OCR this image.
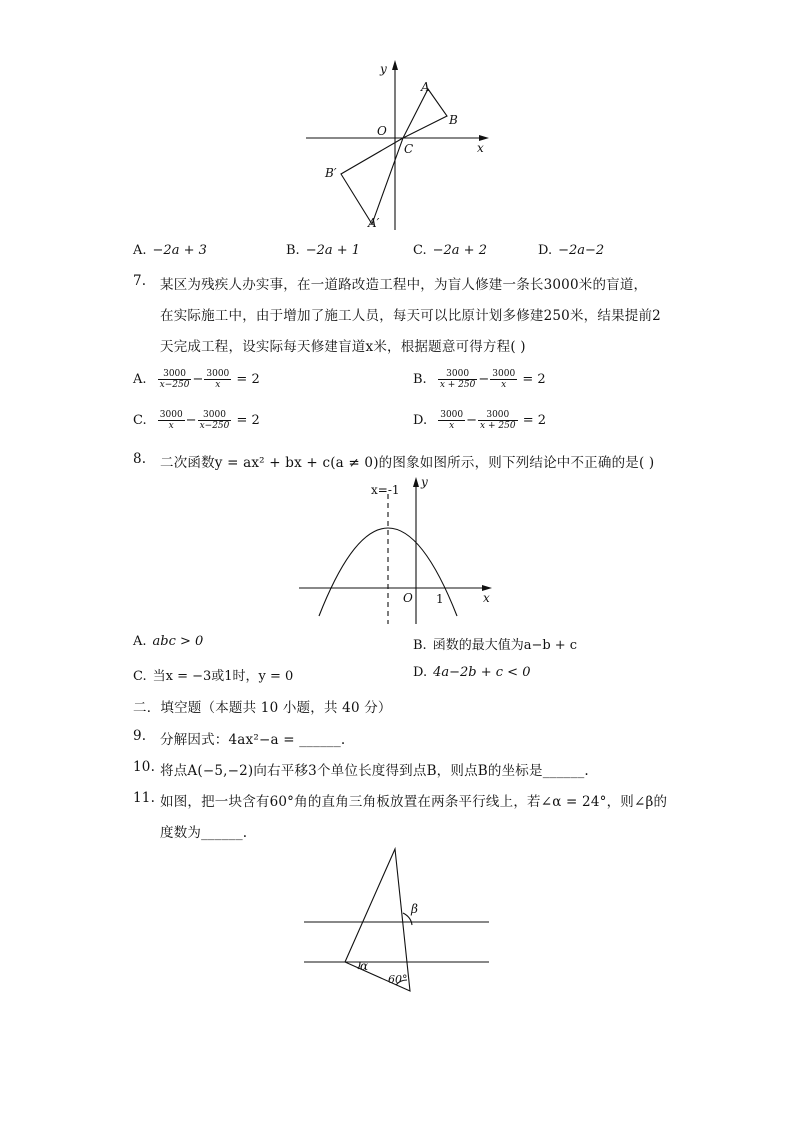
y
x
A
B
O
C
B′
A′
A. −2a + 3	B. −2a + 1	C. −2a + 2	D. −2a−2
7. 某区为残疾人办实事，在一道路改造工程中，为盲人修建一条长3000米的盲道，
在实际施工中，由于增加了施工人员，每天可以比原计划多修建250米，结果提前2
天完成工程，设实际每天修建盲道x米，根据题意可得方程( )
A. $\frac{3000}{x-250} - \frac{3000}{x} = 2$	B. $\frac{3000}{x + 250} - \frac{3000}{x} = 2$
C. $\frac{3000}{x} - \frac{3000}{x-250} = 2$	D. $\frac{3000}{x} - \frac{3000}{x + 250} = 2$
8. 二次函数y = ax² + bx + c(a ≠ 0)的图象如图所示，则下列结论中不正确的是( )
x=-1
y
x
O 1
A. abc > 0	B. 函数的最大值为a−b + c
C. 当x = −3或1时，y = 0	D. 4a−2b + c < 0
二．填空题（本题共 10 小题，共 40 分）
9. 分解因式：4ax²−a = ______.
10. 将点A(−5,−2)向右平移3个单位长度得到点B，则点B的坐标是______.
11. 如图，把一块含有60°角的直角三角板放置在两条平行线上，若∠α = 24°，则∠β的
度数为______.
β
α
60°
